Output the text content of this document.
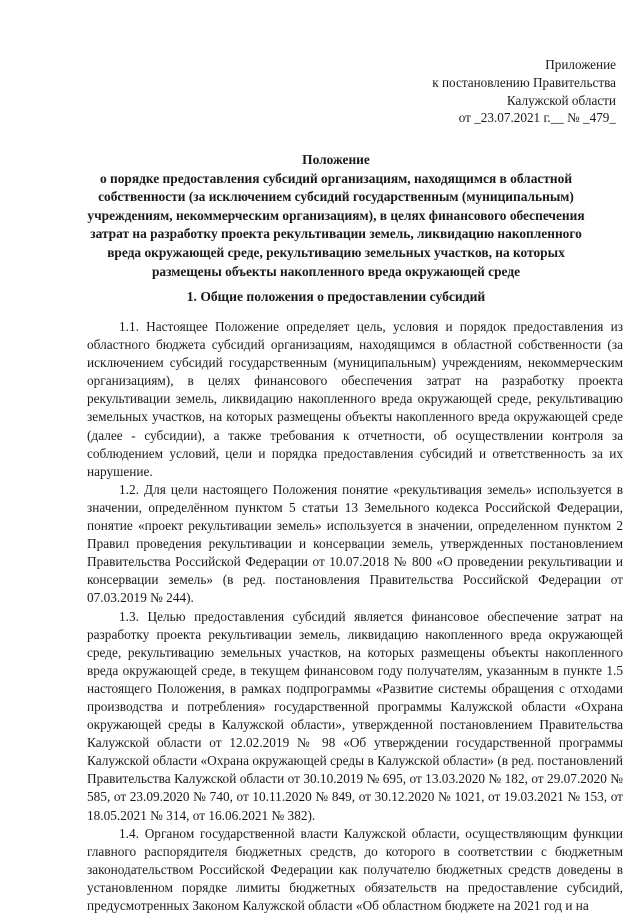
Приложение
к постановлению Правительства
Калужской области
от _23.07.2021 г.__ № _479_
Положение
о порядке предоставления субсидий организациям, находящимся в областной
собственности (за исключением субсидий государственным (муниципальным)
учреждениям, некоммерческим организациям), в целях финансового обеспечения
затрат на разработку проекта рекультивации земель, ликвидацию накопленного
вреда окружающей среде, рекультивацию земельных участков, на которых
размещены объекты накопленного вреда окружающей среде
1. Общие положения о предоставлении субсидий

1.1. Настоящее Положение определяет цель, условия и порядок предоставления из областного бюджета субсидий организациям, находящимся в областной собственности (за исключением субсидий государственным (муниципальным) учреждениям, некоммерческим организациям), в целях финансового обеспечения затрат на разработку проекта рекультивации земель, ликвидацию накопленного вреда окружающей среде, рекультивацию земельных участков, на которых размещены объекты накопленного вреда окружающей среде (далее - субсидии), а также требования к отчетности, об осуществлении контроля за соблюдением условий, цели и порядка предоставления субсидий и ответственность за их нарушение.

1.2. Для цели настоящего Положения понятие «рекультивация земель» используется в значении, определённом пунктом 5 статьи 13 Земельного кодекса Российской Федерации, понятие «проект рекультивации земель» используется в значении, определенном пунктом 2 Правил проведения рекультивации и консервации земель, утвержденных постановлением Правительства Российской Федерации от 10.07.2018 № 800 «О проведении рекультивации и консервации земель» (в ред. постановления Правительства Российской Федерации от 07.03.2019 № 244).

1.3. Целью предоставления субсидий является финансовое обеспечение затрат на разработку проекта рекультивации земель, ликвидацию накопленного вреда окружающей среде, рекультивацию земельных участков, на которых размещены объекты накопленного вреда окружающей среде, в текущем финансовом году получателям, указанным в пункте 1.5 настоящего Положения, в рамках подпрограммы «Развитие системы обращения с отходами производства и потребления» государственной программы Калужской области «Охрана окружающей среды в Калужской области», утвержденной постановлением Правительства Калужской области от 12.02.2019 № 98 «Об утверждении государственной программы Калужской области «Охрана окружающей среды в Калужской области» (в ред. постановлений Правительства Калужской области от 30.10.2019 № 695, от 13.03.2020 № 182, от 29.07.2020 № 585, от 23.09.2020 № 740, от 10.11.2020 № 849, от 30.12.2020 № 1021, от 19.03.2021 № 153, от 18.05.2021 № 314, от 16.06.2021 № 382).

1.4. Органом государственной власти Калужской области, осуществляющим функции главного распорядителя бюджетных средств, до которого в соответствии с бюджетным законодательством Российской Федерации как получателю бюджетных средств доведены в установленном порядке лимиты бюджетных обязательств на предоставление субсидий, предусмотренных Законом Калужской области «Об областном бюджете на 2021 год и на
